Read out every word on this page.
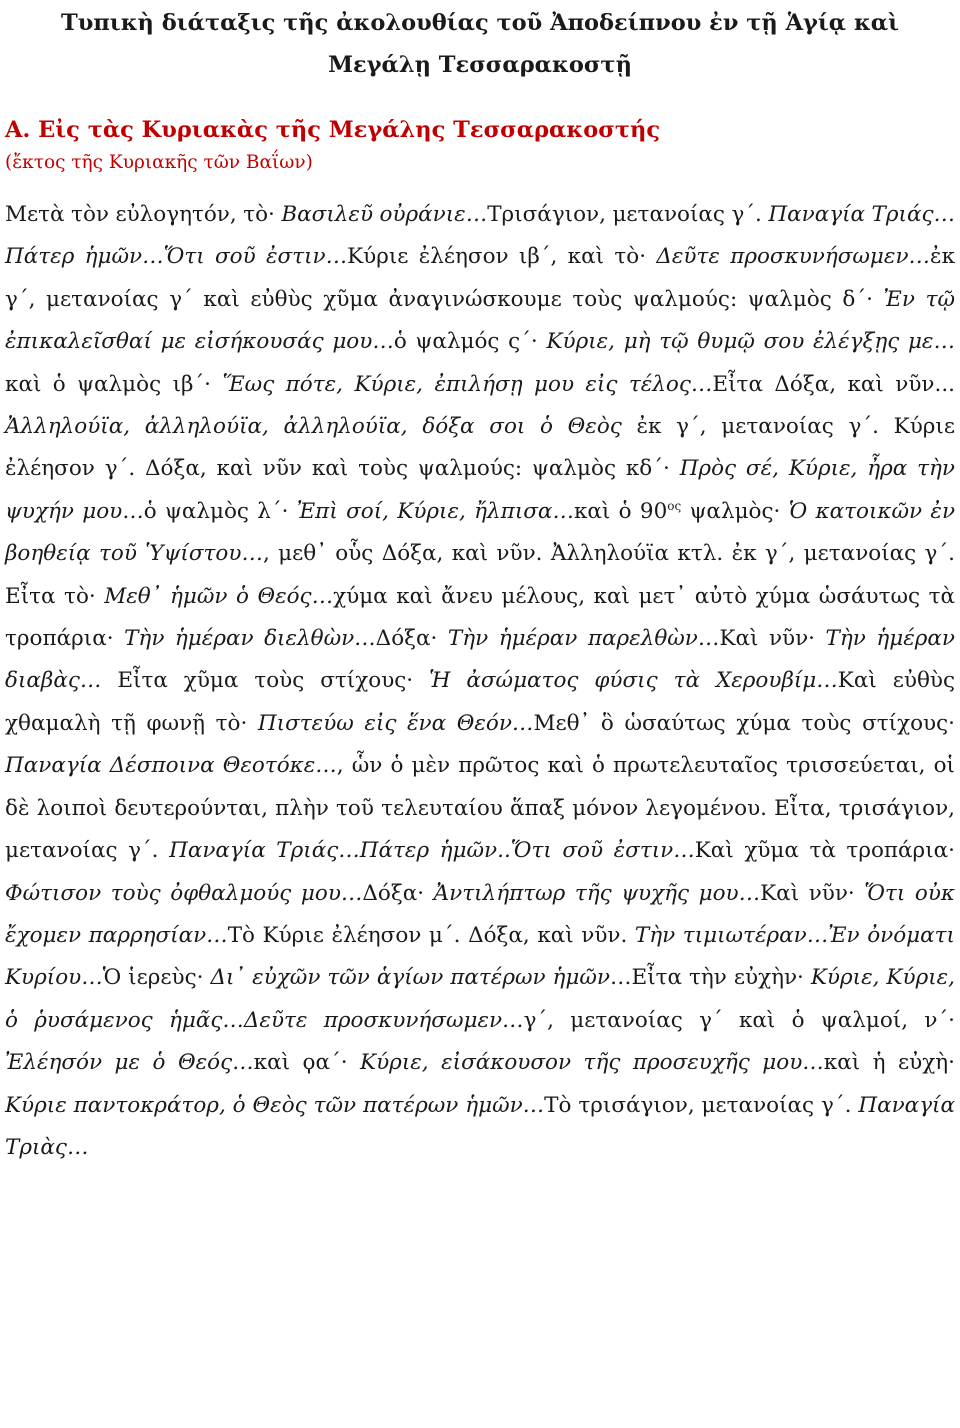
Τυπικὴ διάταξις τῆς ἀκολουθίας τοῦ Ἀποδείπνου ἐν τῇ Ἁγίᾳ καὶ
Μεγάλῃ Τεσσαρακοστῇ
Α. Εἰς τὰς Κυριακὰς τῆς Μεγάλης Τεσσαρακοστής

(ἔκτος τῆς Κυριακῆς τῶν Βαΐων)

Μετὰ τὸν εὐλογητόν, τὸ· Βασιλεῦ οὐράνιε…Τρισάγιον, μετανοίας γ΄. Παναγία Τριάς…Πάτερ ἡμῶν…Ὅτι σοῦ ἐστιν…Κύριε ἐλέησον ιβ΄, καὶ τὸ· Δεῦτε προσκυνήσωμεν…ἐκ γ΄, μετανοίας γ΄ καὶ εὐθὺς χῦμα ἀναγινώσκουμε τοὺς ψαλμούς: ψαλμὸς δ΄· Ἐν τῷ ἐπικαλεῖσθαί με εἰσήκουσάς μου…ὁ ψαλμός ς΄· Κύριε, μὴ τῷ θυμῷ σου ἐλέγξῃς με…καὶ ὁ ψαλμὸς ιβ΄· Ἕως πότε, Κύριε, ἐπιλήσῃ μου εἰς τέλος…Εἶτα Δόξα, καὶ νῦν... Ἀλληλούϊα, ἀλληλούϊα, ἀλληλούϊα, δόξα σοι ὁ Θεὸς ἐκ γ΄, μετανοίας γ΄. Κύριε ἐλέησον γ΄. Δόξα, καὶ νῦν καὶ τοὺς ψαλμούς: ψαλμὸς κδ΄· Πρὸς σέ, Κύριε, ἦρα τὴν ψυχήν μου…ὁ ψαλμὸς λ΄· Ἐπὶ σοί, Κύριε, ἤλπισα…καὶ ὁ $90^{o\varsigma}$ ψαλμὸς· Ὁ κατοικῶν ἐν βοηθείᾳ τοῦ Ὑψίστου…, μεθ᾽ οὗς Δόξα, καὶ νῦν. Ἀλληλούϊα κτλ. ἐκ γ΄, μετανοίας γ΄. Εἶτα τὸ· Μεθ᾽ ἡμῶν ὁ Θεός…χύμα καὶ ἄνευ μέλους, καὶ μετ᾽ αὐτὸ χύμα ὡσάυτως τὰ τροπάρια· Τὴν ἡμέραν διελθὼν…Δόξα· Τὴν ἡμέραν παρελθὼν…Καὶ νῦν· Τὴν ἡμέραν διαβὰς… Εἶτα χῦμα τοὺς στίχους· Ἡ ἀσώματος φύσις τὰ Χερουβίμ…Καὶ εὐθὺς χθαμαλὴ τῇ φωνῇ τὸ· Πιστεύω εἰς ἕνα Θεόν…Μεθ᾽ ὃ ὡσαύτως χύμα τοὺς στίχους· Παναγία Δέσποινα Θεοτόκε…, ὧν ὁ μὲν πρῶτος καὶ ὁ πρωτελευταῖος τρισσεύεται, οἱ δὲ λοιποὶ δευτερούνται, πλὴν τοῦ τελευταίου ἅπαξ μόνον λεγομένου. Εἶτα, τρισάγιον, μετανοίας γ΄. Παναγία Τριάς…Πάτερ ἡμῶν..Ὅτι σοῦ ἐστιν…Καὶ χῦμα τὰ τροπάρια· Φώτισον τοὺς ὀφθαλμούς μου…Δόξα· Ἀντιλήπτωρ τῆς ψυχῆς μου…Καὶ νῦν· Ὅτι οὐκ ἔχομεν παρρησίαν…Τὸ Κύριε ἐλέησον μ΄. Δόξα, καὶ νῦν. Τὴν τιμιωτέραν…Ἐν ὀνόματι Κυρίου…Ὁ ἱερεὺς· Δι᾽ εὐχῶν τῶν ἁγίων πατέρων ἡμῶν…Εἶτα τὴν εὐχὴν· Κύριε, Κύριε, ὁ ῥυσάμενος ἡμᾶς…Δεῦτε προσκυνήσωμεν…γ΄, μετανοίας γ΄ καὶ ὁ ψαλμοί, ν΄· Ἐλέησόν με ὁ Θεός…καὶ ϙα΄· Κύριε, εἰσάκουσον τῆς προσευχῆς μου…καὶ ἡ εὐχὴ· Κύριε παντοκράτορ, ὁ Θεὸς τῶν πατέρων ἡμῶν…Τὸ τρισάγιον, μετανοίας γ΄. Παναγία Τριὰς…
